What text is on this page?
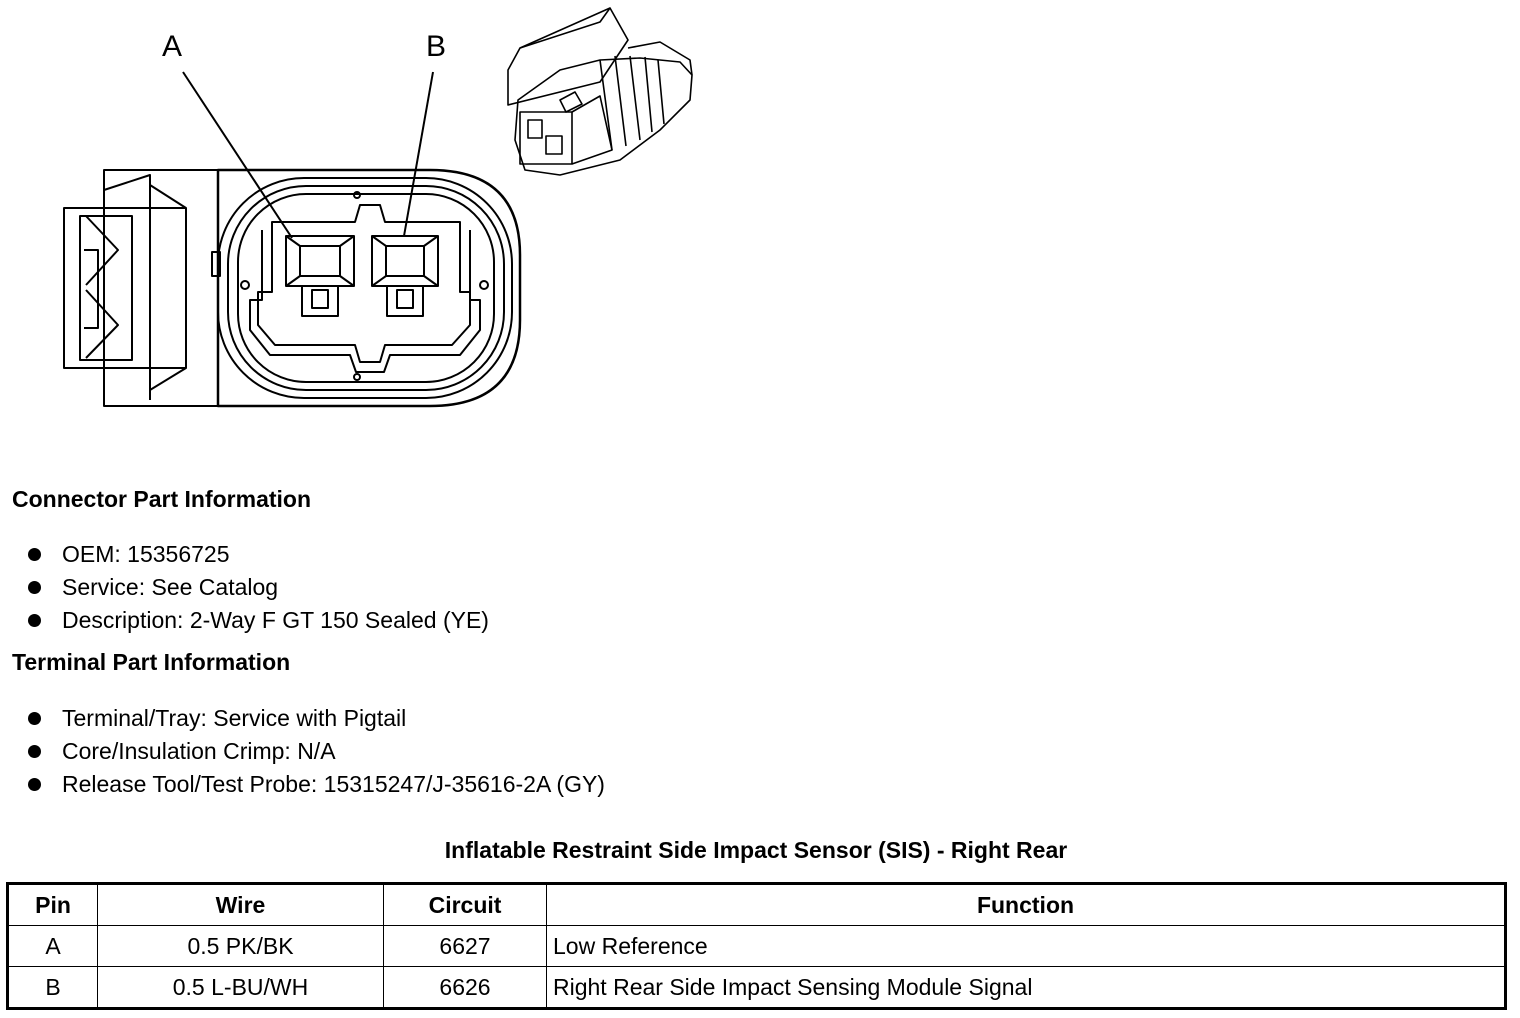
A	B
Connector Part Information
OEM: 15356725
Service: See Catalog
Description: 2-Way F GT 150 Sealed (YE)
Terminal Part Information
Terminal/Tray: Service with Pigtail
Core/Insulation Crimp: N/A
Release Tool/Test Probe: 15315247/J-35616-2A (GY)
Inflatable Restraint Side Impact Sensor (SIS) - Right Rear
Pin	Wire	Circuit	Function
A	0.5 PK/BK	6627	Low Reference
B	0.5 L-BU/WH	6626	Right Rear Side Impact Sensing Module Signal
